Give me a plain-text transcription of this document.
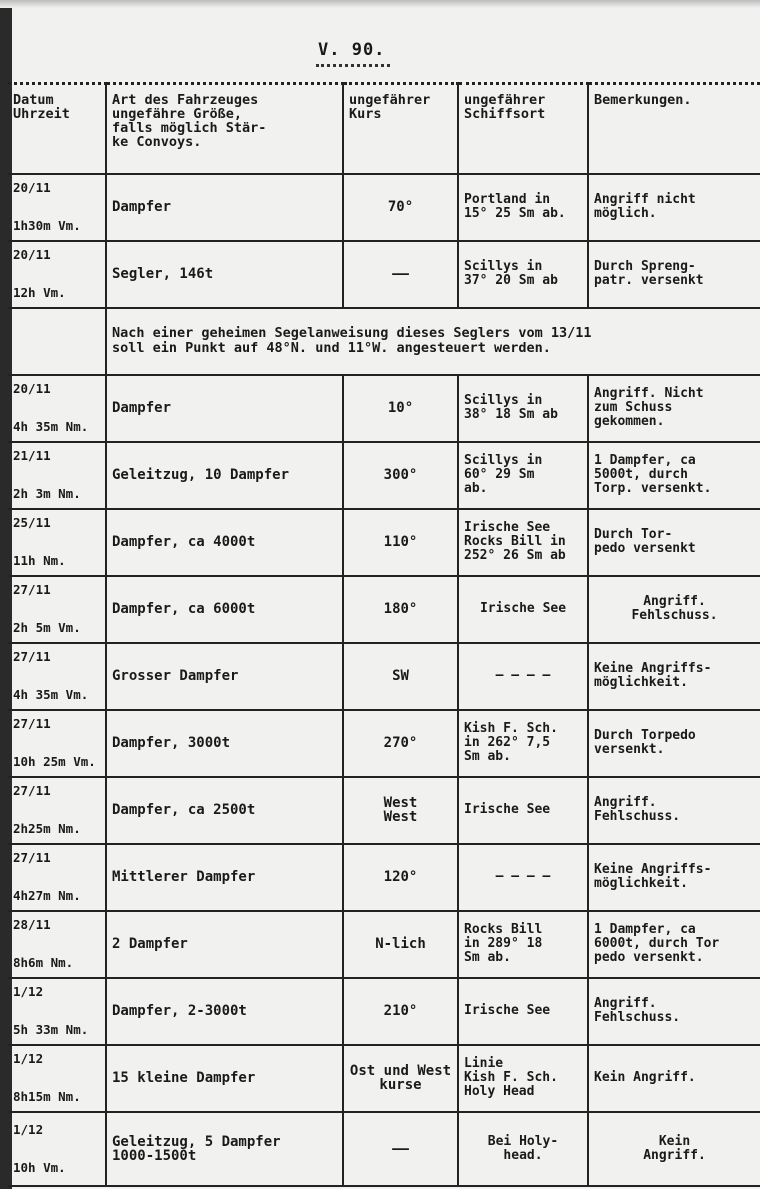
V. 90.
Datum
Uhrzeit	Art des Fahrzeuges
ungefähre Größe,
falls möglich Stär-
ke Convoys.	ungefährer
Kurs	ungefährer
Schiffsort	Bemerkungen.

20/11
1h30m Vm.	Dampfer	70°	Portland in
15° 25 Sm ab.	Angriff nicht
möglich.

20/11
12h Vm.	Segler, 146t	——	Scillys in
37° 20 Sm ab	Durch Spreng-
patr. versenkt
	Nach einer geheimen Segelanweisung dieses Seglers vom 13/11
soll ein Punkt auf 48°N. und 11°W. angesteuert werden.			

20/11
4h 35m Nm.	Dampfer	10°	Scillys in
38° 18 Sm ab	Angriff. Nicht
zum Schuss
gekommen.

21/11
2h 3m Nm.	Geleitzug, 10 Dampfer	300°	Scillys in
60° 29 Sm
ab.	1 Dampfer, ca
5000t, durch
Torp. versenkt.

25/11
11h Nm.	Dampfer, ca 4000t	110°	Irische See
Rocks Bill in
252° 26 Sm ab	Durch Tor-
pedo versenkt

27/11
2h 5m Vm.	Dampfer, ca 6000t	180°	Irische See	Angriff.
Fehlschuss.

27/11
4h 35m Vm.	Grosser Dampfer	SW	– – – –	Keine Angriffs-
möglichkeit.

27/11
10h 25m Vm.	Dampfer, 3000t	270°	Kish F. Sch.
in 262° 7,5
Sm ab.	Durch Torpedo
versenkt.

27/11
2h25m Nm.	Dampfer, ca 2500t	West
West	Irische See	Angriff.
Fehlschuss.

27/11
4h27m Nm.	Mittlerer Dampfer	120°	– – – –	Keine Angriffs-
möglichkeit.

28/11
8h6m Nm.	2 Dampfer	N-lich	Rocks Bill
in 289° 18
Sm ab.	1 Dampfer, ca
6000t, durch Tor
pedo versenkt.

1/12
5h 33m Nm.	Dampfer, 2-3000t	210°	Irische See	Angriff.
Fehlschuss.

1/12
8h15m Nm.	15 kleine Dampfer	Ost und West
kurse	Linie
Kish F. Sch.
Holy Head	Kein Angriff.

1/12
10h Vm.	Geleitzug, 5 Dampfer
1000-1500t	——	Bei Holy-
head.	Kein
Angriff.
